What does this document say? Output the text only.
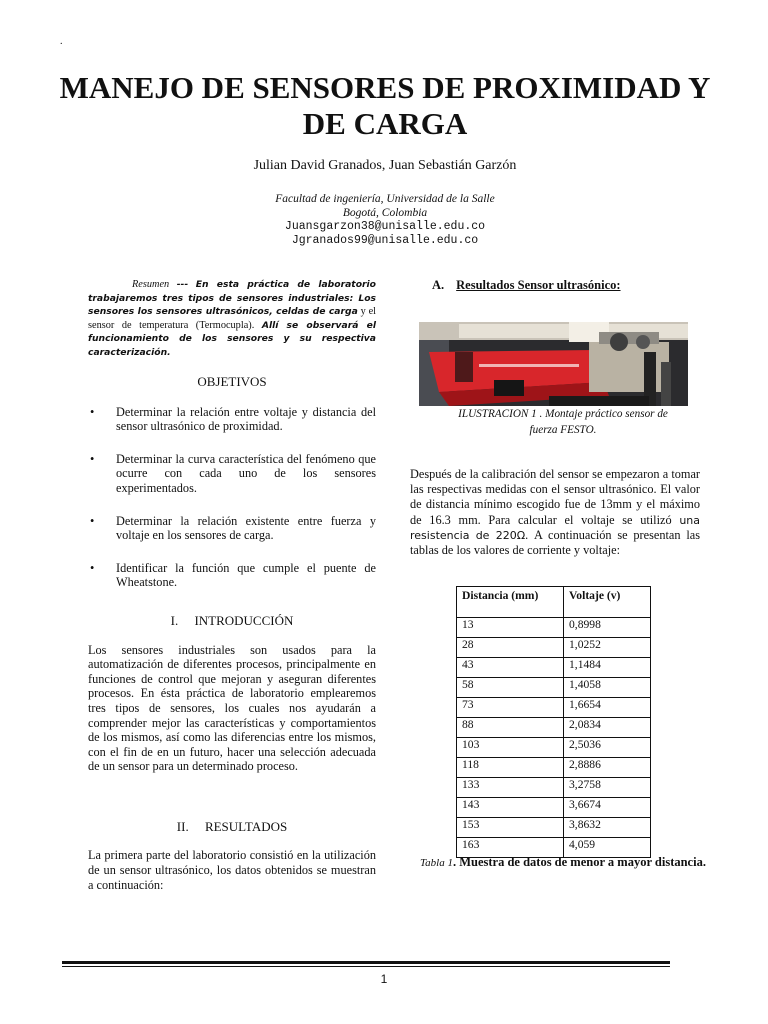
.
MANEJO DE SENSORES DE PROXIMIDAD Y
DE CARGA

Julian David Granados, Juan Sebastián Garzón

Facultad de ingeniería, Universidad de la Salle
Bogotá, Colombia
Juansgarzon38@unisalle.edu.co
Jgranados99@unisalle.edu.co

Resumen --- En esta práctica de laboratorio trabajaremos tres tipos de sensores industriales: Los sensores los sensores ultrasónicos, celdas de carga y el sensor de temperatura (Termocupla). Allí se observará el funcionamiento de los sensores y su respectiva caracterización.

OBJETIVOS

• Determinar la relación entre voltaje y distancia del sensor ultrasónico de proximidad.
• Determinar la curva característica del fenómeno que ocurre con cada uno de los sensores experimentados.
• Determinar la relación existente entre fuerza y voltaje en los sensores de carga.
• Identificar la función que cumple el puente de Wheatstone.

I.     INTRODUCCIÓN

Los sensores industriales son usados para la automatización de diferentes procesos, principalmente en funciones de control que mejoran y aseguran diferentes procesos. En ésta práctica de laboratorio emplearemos tres tipos de sensores, los cuales nos ayudarán a comprender mejor las características y comportamientos de los mismos, así como las diferencias entre los mismos, con el fin de en un futuro, hacer una selección adecuada de un sensor para un determinado proceso.

II.     RESULTADOS

La primera parte del laboratorio consistió en la utilización de un sensor ultrasónico, los datos obtenidos se muestran a continuación:

A. Resultados Sensor ultrasónico:

ILUSTRACION 1 . Montaje práctico sensor de
fuerza FESTO.

Después de la calibración del sensor se empezaron a tomar las respectivas medidas con el sensor ultrasónico. El valor de distancia mínimo escogido fue de 13mm y el máximo de 16.3 mm. Para calcular el voltaje se utilizó una resistencia de 220Ω. A continuación se presentan las tablas de los valores de corriente y voltaje:

Distancia (mm)	Voltaje (v)
13	0,8998
28	1,0252
43	1,1484
58	1,4058
73	1,6654
88	2,0834
103	2,5036
118	2,8886
133	3,2758
143	3,6674
153	3,8632
163	4,059
Tabla 1. Muestra de datos de menor a mayor distancia.
1
